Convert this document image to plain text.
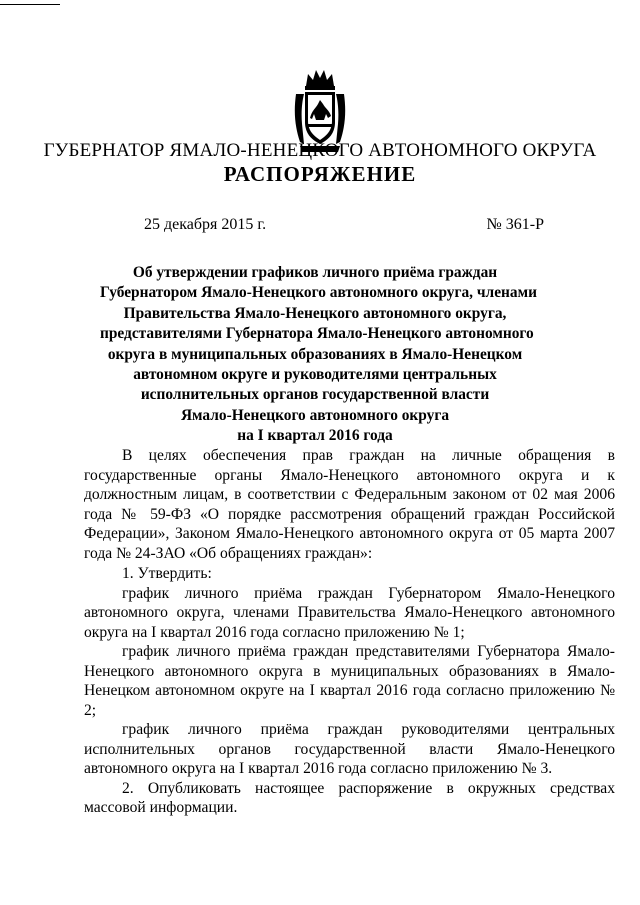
ГУБЕРНАТОР ЯМАЛО-НЕНЕЦКОГО АВТОНОМНОГО ОКРУГА
РАСПОРЯЖЕНИЕ
25 декабря 2015 г.	№ 361-Р
Об утверждении графиков личного приёма граждан
Губернатором Ямало-Ненецкого автономного округа, членами
Правительства Ямало-Ненецкого автономного округа,
представителями Губернатора Ямало-Ненецкого автономного
округа в муниципальных образованиях в Ямало-Ненецком
автономном округе и руководителями центральных
исполнительных органов государственной власти
Ямало-Ненецкого автономного округа
на I квартал 2016 года

В целях обеспечения прав граждан на личные обращения в государственные органы Ямало-Ненецкого автономного округа и к должностным лицам, в соответствии с Федеральным законом от 02 мая 2006 года № 59-ФЗ «О порядке рассмотрения обращений граждан Российской Федерации», Законом Ямало-Ненецкого автономного округа от 05 марта 2007 года № 24-ЗАО «Об обращениях граждан»:

1. Утвердить:

график личного приёма граждан Губернатором Ямало-Ненецкого автономного округа, членами Правительства Ямало-Ненецкого автономного округа на I квартал 2016 года согласно приложению № 1;

график личного приёма граждан представителями Губернатора Ямало-Ненецкого автономного округа в муниципальных образованиях в Ямало-Ненецком автономном округе на I квартал 2016 года согласно приложению № 2;

график личного приёма граждан руководителями центральных исполнительных органов государственной власти Ямало-Ненецкого автономного округа на I квартал 2016 года согласно приложению № 3.

2. Опубликовать настоящее распоряжение в окружных средствах массовой информации.
